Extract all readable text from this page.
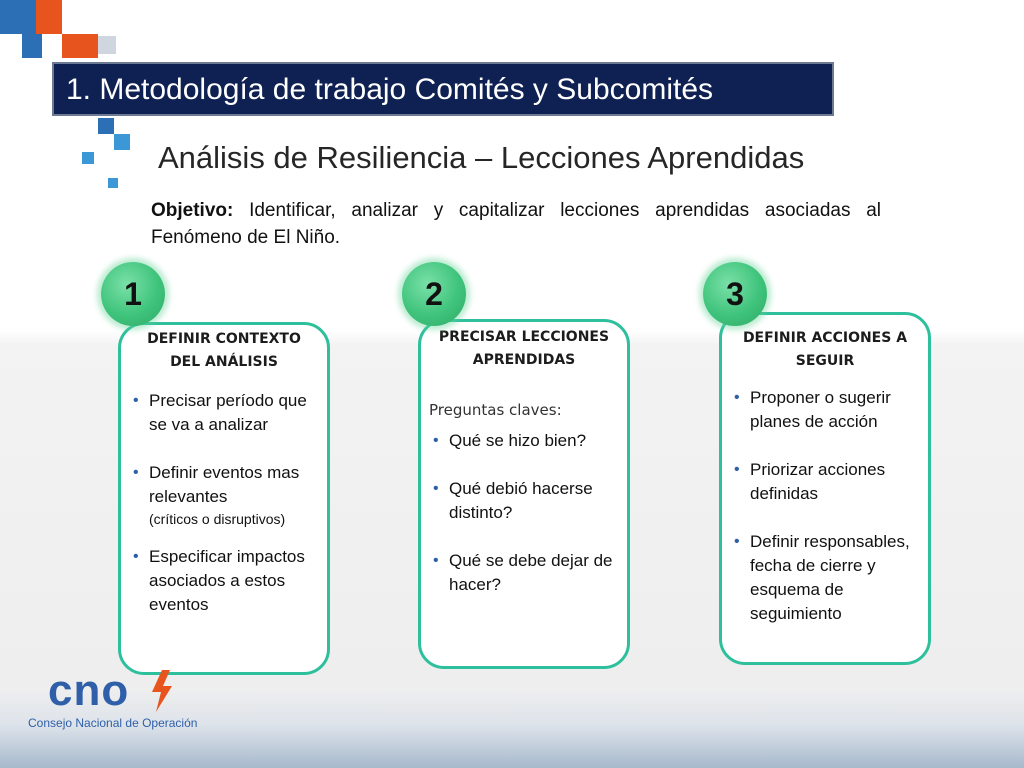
1. Metodología de trabajo Comités y Subcomités
Análisis de Resiliencia – Lecciones Aprendidas
Objetivo: Identificar, analizar y capitalizar lecciones aprendidas asociadas al Fenómeno de El Niño.
1
DEFINIR CONTEXTO
DEL ANÁLISIS
• Precisar período que se va a analizar
• Definir eventos mas relevantes
(críticos o disruptivos)
• Especificar impactos asociados a estos eventos
2
PRECISAR LECCIONES
APRENDIDAS
Preguntas claves:
• Qué se hizo bien?
• Qué debió hacerse distinto?
• Qué se debe dejar de hacer?
3
DEFINIR ACCIONES A
SEGUIR
• Proponer o sugerir planes de acción
• Priorizar acciones definidas
• Definir responsables, fecha de cierre y esquema de seguimiento
cno
Consejo Nacional de Operación
